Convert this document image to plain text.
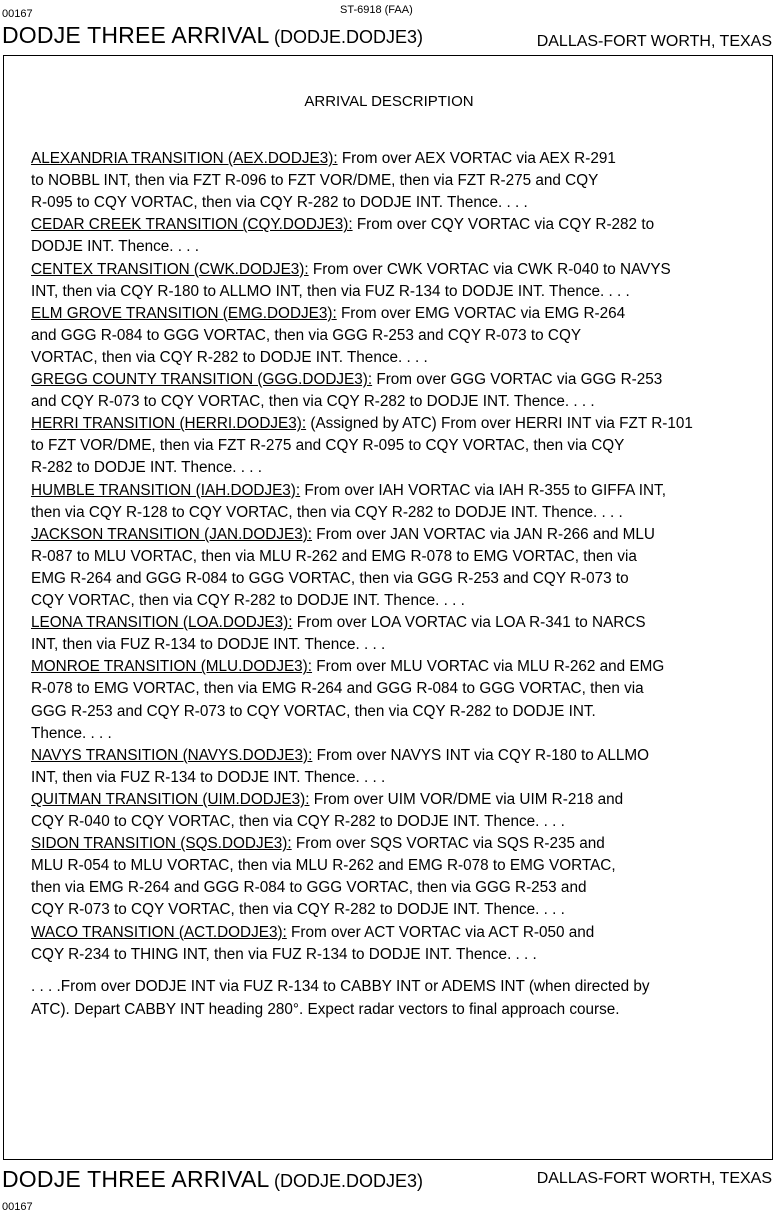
00167	ST-6918 (FAA)
DODJE THREE ARRIVAL (DODJE.DODJE3)	DALLAS-FORT WORTH, TEXAS
ARRIVAL DESCRIPTION
ALEXANDRIA TRANSITION (AEX.DODJE3): From over AEX VORTAC via AEX R-291
to NOBBL INT, then via FZT R-096 to FZT VOR/DME, then via FZT R-275 and CQY
R-095 to CQY VORTAC, then via CQY R-282 to DODJE INT. Thence. . . .
CEDAR CREEK TRANSITION (CQY.DODJE3): From over CQY VORTAC via CQY R-282 to
DODJE INT. Thence. . . .
CENTEX TRANSITION (CWK.DODJE3): From over CWK VORTAC via CWK R-040 to NAVYS
INT, then via CQY R-180 to ALLMO INT, then via FUZ R-134 to DODJE INT. Thence. . . .
ELM GROVE TRANSITION (EMG.DODJE3): From over EMG VORTAC via EMG R-264
and GGG R-084 to GGG VORTAC, then via GGG R-253 and CQY R-073 to CQY
VORTAC, then via CQY R-282 to DODJE INT. Thence. . . .
GREGG COUNTY TRANSITION (GGG.DODJE3): From over GGG VORTAC via GGG R-253
and CQY R-073 to CQY VORTAC, then via CQY R-282 to DODJE INT. Thence. . . .
HERRI TRANSITION (HERRI.DODJE3): (Assigned by ATC) From over HERRI INT via FZT R-101
to FZT VOR/DME, then via FZT R-275 and CQY R-095 to CQY VORTAC, then via CQY
R-282 to DODJE INT. Thence. . . .
HUMBLE TRANSITION (IAH.DODJE3): From over IAH VORTAC via IAH R-355 to GIFFA INT,
then via CQY R-128 to CQY VORTAC, then via CQY R-282 to DODJE INT. Thence. . . .
JACKSON TRANSITION (JAN.DODJE3): From over JAN VORTAC via JAN R-266 and MLU
R-087 to MLU VORTAC, then via MLU R-262 and EMG R-078 to EMG VORTAC, then via
EMG R-264 and GGG R-084 to GGG VORTAC, then via GGG R-253 and CQY R-073 to
CQY VORTAC, then via CQY R-282 to DODJE INT. Thence. . . .
LEONA TRANSITION (LOA.DODJE3): From over LOA VORTAC via LOA R-341 to NARCS
INT, then via FUZ R-134 to DODJE INT. Thence. . . .
MONROE TRANSITION (MLU.DODJE3): From over MLU VORTAC via MLU R-262 and EMG
R-078 to EMG VORTAC, then via EMG R-264 and GGG R-084 to GGG VORTAC, then via
GGG R-253 and CQY R-073 to CQY VORTAC, then via CQY R-282 to DODJE INT.
Thence. . . .
NAVYS TRANSITION (NAVYS.DODJE3): From over NAVYS INT via CQY R-180 to ALLMO
INT, then via FUZ R-134 to DODJE INT. Thence. . . .
QUITMAN TRANSITION (UIM.DODJE3): From over UIM VOR/DME via UIM R-218 and
CQY R-040 to CQY VORTAC, then via CQY R-282 to DODJE INT. Thence. . . .
SIDON TRANSITION (SQS.DODJE3): From over SQS VORTAC via SQS R-235 and
MLU R-054 to MLU VORTAC, then via MLU R-262 and EMG R-078 to EMG VORTAC,
then via EMG R-264 and GGG R-084 to GGG VORTAC, then via GGG R-253 and
CQY R-073 to CQY VORTAC, then via CQY R-282 to DODJE INT. Thence. . . .
WACO TRANSITION (ACT.DODJE3): From over ACT VORTAC via ACT R-050 and
CQY R-234 to THING INT, then via FUZ R-134 to DODJE INT. Thence. . . .
. . . .From over DODJE INT via FUZ R-134 to CABBY INT or ADEMS INT (when directed by
ATC). Depart CABBY INT heading 280°. Expect radar vectors to final approach course.
DODJE THREE ARRIVAL (DODJE.DODJE3)	DALLAS-FORT WORTH, TEXAS
00167
